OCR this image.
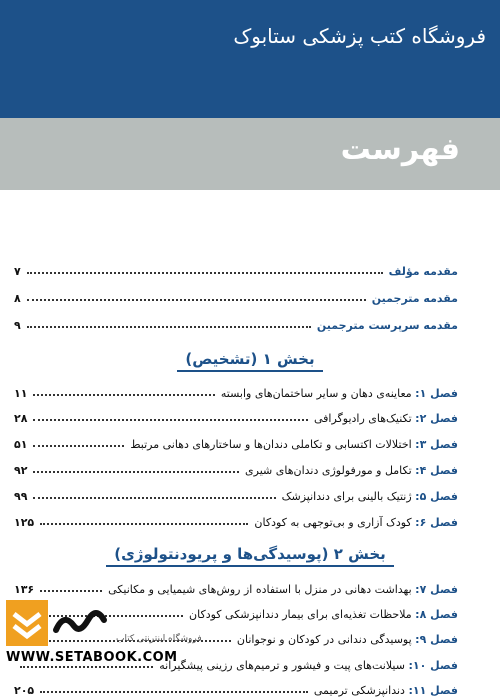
فروشگاه کتب پزشکی ستابوک
فهرست
مقدمه مؤلف
۷
مقدمه مترجمین
۸
مقدمه سرپرست مترجمین
۹
بخش ۱ (تشخیص)
فصل ۱: معاینه‌ی دهان و سایر ساختمان‌های وابسته
۱۱
فصل ۲: تکنیک‌های رادیوگرافی
۲۸
فصل ۳: اختلالات اکتسابی و تکاملی دندان‌ها و ساختارهای دهانی مرتبط
۵۱
فصل ۴: تکامل و مورفولوژی دندان‌های شیری
۹۲
فصل ۵: ژنتیک بالینی برای دندانپزشک
۹۹
فصل ۶: کودک آزاری و بی‌توجهی به کودکان
۱۲۵
بخش ۲ (پوسیدگی‌ها و پریودنتولوژی)
فصل ۷: بهداشت دهانی در منزل با استفاده از روش‌های شیمیایی و مکانیکی
۱۳۶
فصل ۸: ملاحظات تغذیه‌ای برای بیمار دندانپزشکی کودکان
فصل ۹: پوسیدگی دندانی در کودکان و نوجوانان
فصل ۱۰: سیلانت‌های پیت و فیشور و ترمیم‌های رزینی پیشگیرانه
فصل ۱۱: دندانپزشکی ترمیمی
۲۰۵
فروشگاه اینترنتی کتاب
WWW.SETABOOK.COM
